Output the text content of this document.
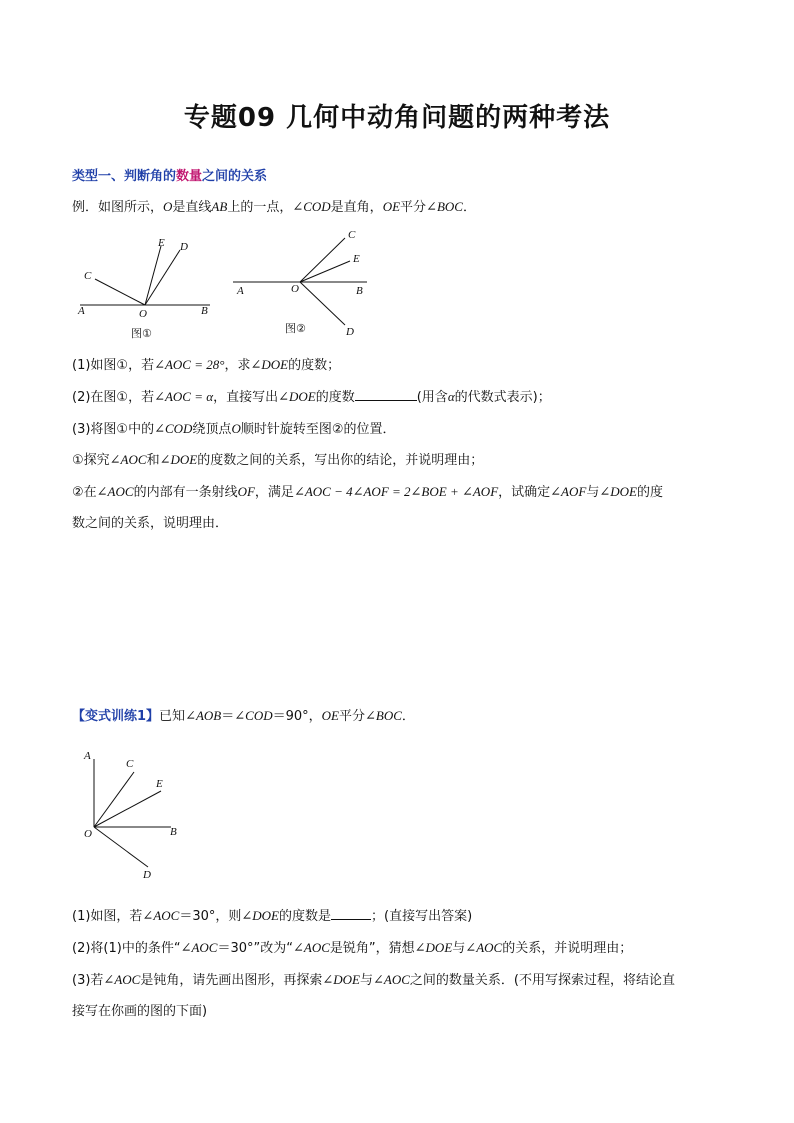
专题09 几何中动角问题的两种考法
类型一、判断角的数量之间的关系
例．如图所示，O是直线AB上的一点，∠COD是直角，OE平分∠BOC．
A	B
C
E D
O
图①
A	B
C
E
D
O
图②
(1)如图①，若∠AOC = 28°，求∠DOE的度数；
(2)在图①，若∠AOC = α，直接写出∠DOE的度数	(用含α的代数式表示)；
(3)将图①中的∠COD绕顶点O顺时针旋转至图②的位置．
①探究∠AOC和∠DOE的度数之间的关系，写出你的结论，并说明理由；
②在∠AOC的内部有一条射线OF，满足∠AOC − 4∠AOF = 2∠BOE + ∠AOF，试确定∠AOF与∠DOE的度
数之间的关系，说明理由．
【变式训练1】已知∠AOB＝∠COD＝90°，OE平分∠BOC．
A
C
E
B
O
D
(1)如图，若∠AOC＝30°，则∠DOE的度数是	；(直接写出答案)
(2)将(1)中的条件“∠AOC＝30°”改为“∠AOC是锐角”，猜想∠DOE与∠AOC的关系，并说明理由；
(3)若∠AOC是钝角，请先画出图形，再探索∠DOE与∠AOC之间的数量关系．(不用写探索过程，将结论直
接写在你画的图的下面)
